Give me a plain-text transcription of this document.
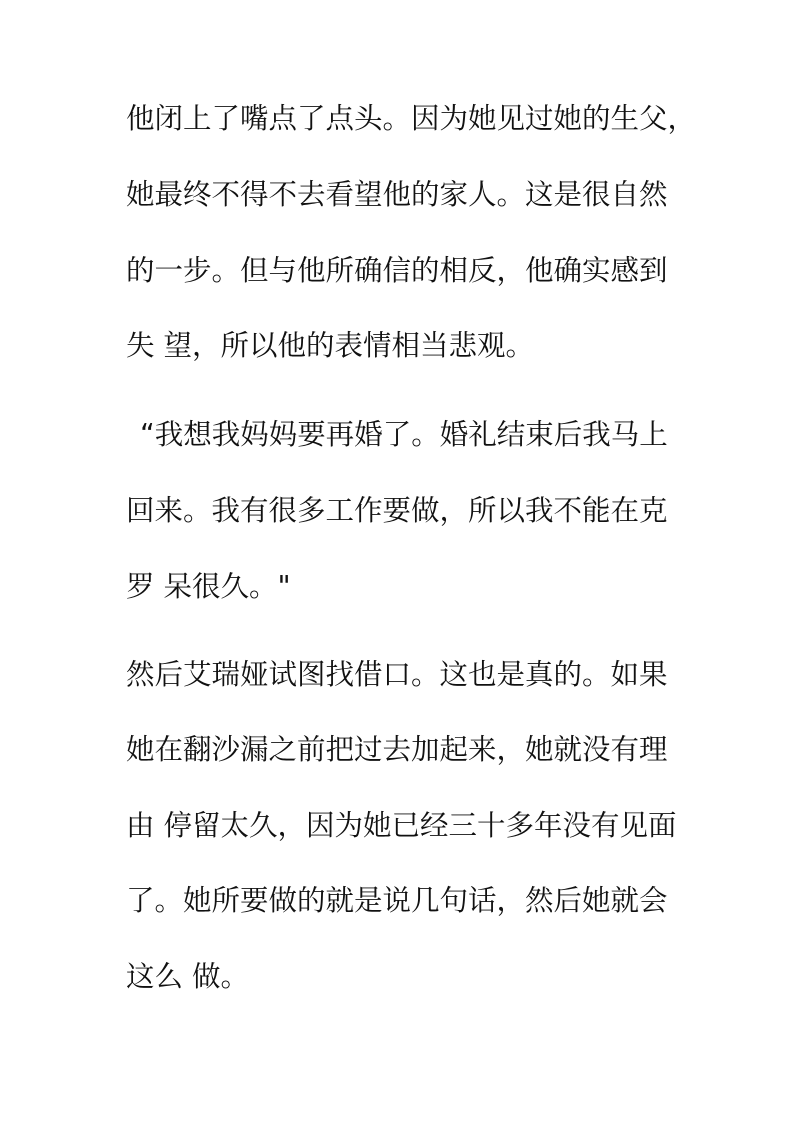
他闭上了嘴点了点头。因为她见过她的生父，
她最终不得不去看望他的家人。这是很自然
的一步。但与他所确信的相反，他确实感到
失 望，所以他的表情相当悲观。
“我想我妈妈要再婚了。婚礼结束后我马上
回来。我有很多工作要做，所以我不能在克
罗 呆很久。"
然后艾瑞娅试图找借口。这也是真的。如果
她在翻沙漏之前把过去加起来，她就没有理
由 停留太久，因为她已经三十多年没有见面
了。她所要做的就是说几句话，然后她就会
这么 做。
